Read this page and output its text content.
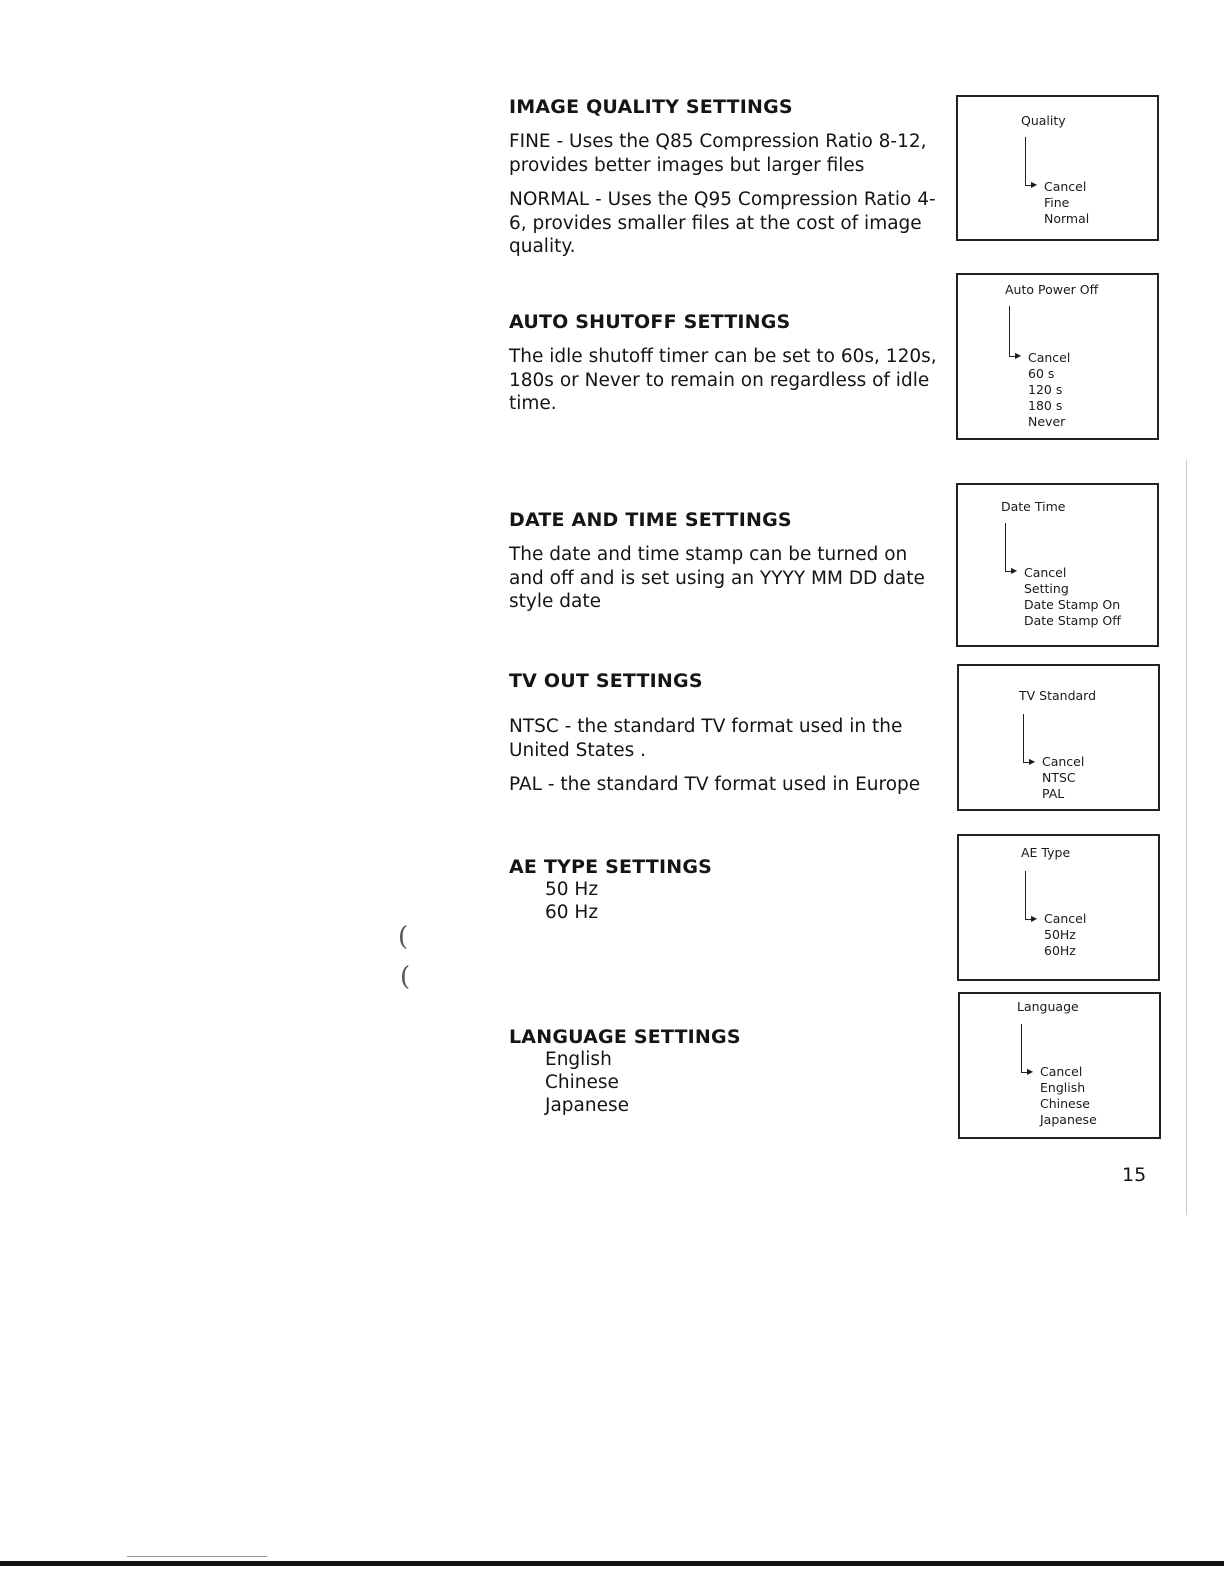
IMAGE QUALITY SETTINGS
FINE - Uses the Q85 Compression Ratio 8-12, provides better images but larger files
NORMAL - Uses the Q95 Compression Ratio 4-6, provides smaller files at the cost of image quality.
AUTO SHUTOFF SETTINGS
The idle shutoff timer can be set to 60s, 120s, 180s or Never to remain on regardless of idle time.
DATE AND TIME SETTINGS
The date and time stamp can be turned on and off and is set using an YYYY MM DD date style date
TV OUT SETTINGS
NTSC - the standard TV format used in the United States .
PAL - the standard TV format used in Europe
AE TYPE SETTINGS
50 Hz
60 Hz
LANGUAGE SETTINGS
English
Chinese
Japanese
Quality
▶ Cancel
Fine
Normal
Auto Power Off
▶ Cancel
60 s
120 s
180 s
Never
Date Time
▶ Cancel
Setting
Date Stamp On
Date Stamp Off
TV Standard
▶ Cancel
NTSC
PAL
AE Type
▶ Cancel
50Hz
60Hz
Language
▶ Cancel
English
Chinese
Japanese
15
(
(
